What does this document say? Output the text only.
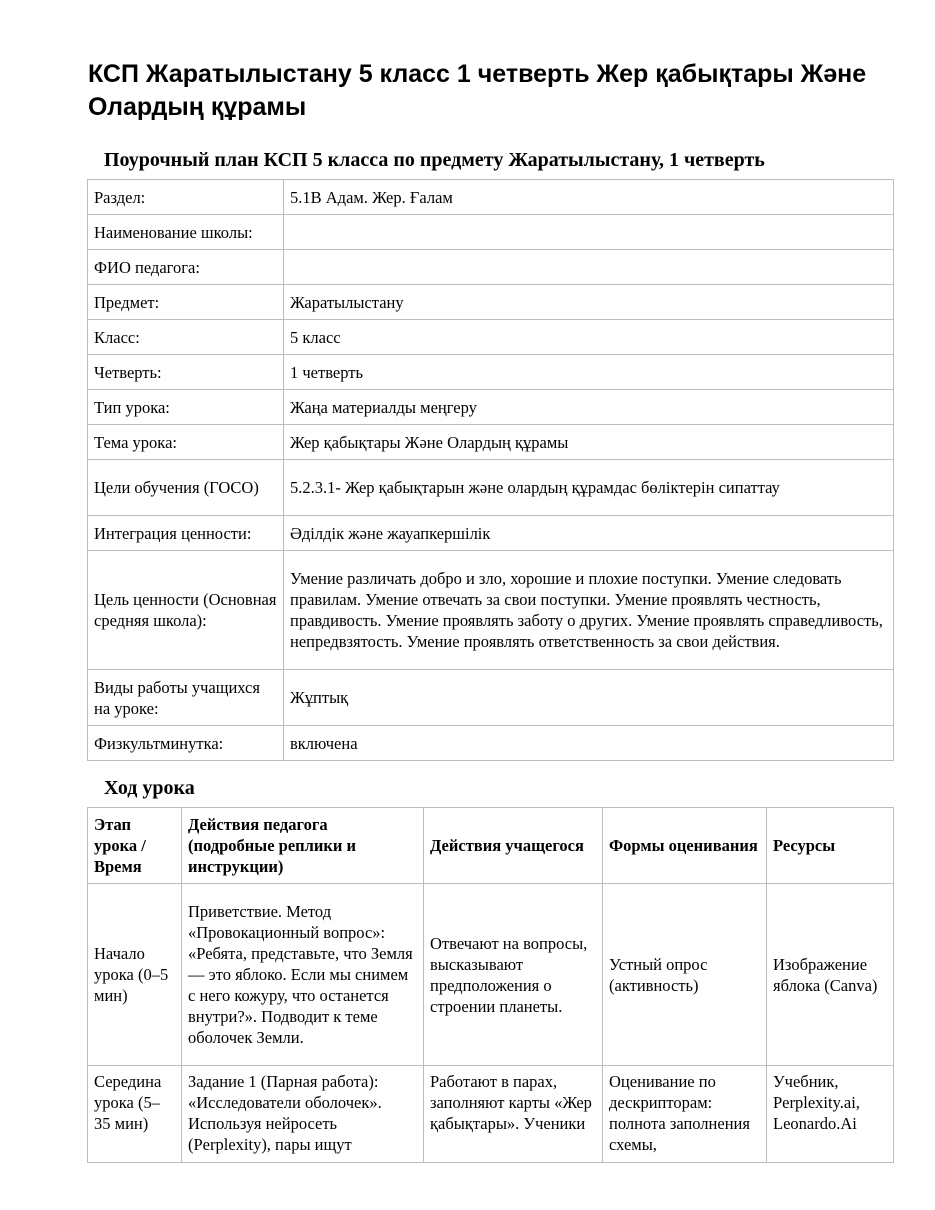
КСП Жаратылыстану 5 класс 1 четверть Жер қабықтары Және Олардың құрамы
Поурочный план КСП 5 класса по предмету Жаратылыстану, 1 четверть
Раздел:	5.1В Адам. Жер. Ғалам
Наименование школы:	
ФИО педагога:	
Предмет:	Жаратылыстану
Класс:	5 класс
Четверть:	1 четверть
Тип урока:	Жаңа материалды меңгеру
Тема урока:	Жер қабықтары Және Олардың құрамы
Цели обучения (ГОСО)	5.2.3.1- Жер қабықтарын және олардың құрамдас бөліктерін сипаттау
Интеграция ценности:	Әділдік және жауапкершілік
Цель ценности (Основная средняя школа):	Умение различать добро и зло, хорошие и плохие поступки. Умение следовать правилам. Умение отвечать за свои поступки. Умение проявлять честность, правдивость. Умение проявлять заботу о других. Умение проявлять справедливость, непредвзятость. Умение проявлять ответственность за свои действия.
Виды работы учащихся на уроке:	Жұптық
Физкультминутка:	включена
Ход урока
Этап урока / Время	Действия педагога (подробные реплики и инструкции)	Действия учащегося	Формы оценивания	Ресурсы
Начало урока (0–5 мин)	Приветствие. Метод «Провокационный вопрос»: «Ребята, представьте, что Земля — это яблоко. Если мы снимем с него кожуру, что останется внутри?». Подводит к теме оболочек Земли.	Отвечают на вопросы, высказывают предположения о строении планеты.	Устный опрос (активность)	Изображение яблока (Canva)
Середина урока (5–35 мин)	Задание 1 (Парная работа): «Исследователи оболочек». Используя нейросеть (Perplexity), пары ищут	Работают в парах, заполняют карты «Жер қабықтары». Ученики	Оценивание по дескрипторам: полнота заполнения схемы,	Учебник, Perplexity.ai, Leonardo.Ai
